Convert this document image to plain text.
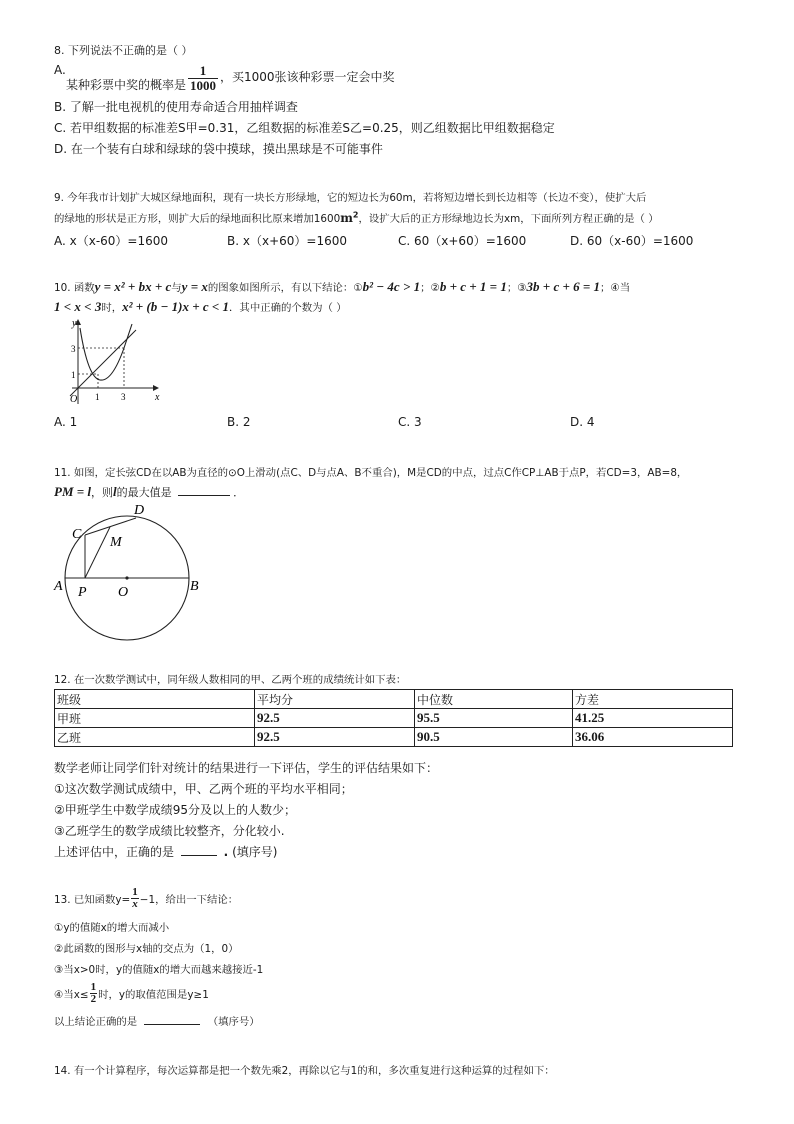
8. 下列说法不正确的是（ ）
A.
某种彩票中奖的概率是 $\frac{1}{1000}$ ，买1000张该种彩票一定会中奖
B. 了解一批电视机的使用寿命适合用抽样调查
C. 若甲组数据的标准差S甲=0.31，乙组数据的标准差S乙=0.25，则乙组数据比甲组数据稳定
D. 在一个装有白球和绿球的袋中摸球，摸出黑球是不可能事件
9. 今年我市计划扩大城区绿地面积，现有一块长方形绿地，它的短边长为60m，若将短边增长到长边相等（长边不变），使扩大后
的绿地的形状是正方形，则扩大后的绿地面积比原来增加$1600m^2$，设扩大后的正方形绿地边长为xm，下面所列方程正确的是（ ）
A. x（x-60）=1600	B. x（x+60）=1600	C. 60（x+60）=1600	D. 60（x-60）=1600
10. 函数y = x² + bx + c与y = x的图象如图所示，有以下结论：①b² − 4c > 1；②b + c + 1 = 1；③3b + c + 6 = 1；④当
1 < x < 3时，x² + (b − 1)x + c < 1．其中正确的个数为（ ）
y
x
O
3
1
1 3
A. 1	B. 2	C. 3	D. 4
11. 如图，定长弦CD在以AB为直径的⊙O上滑动(点C、D与点A、B不重合)，M是CD的中点，过点C作CP⊥AB于点P，若CD=3，AB=8，
PM = l，则l的最大值是	．
C
D
M
A	B
P O
12. 在一次数学测试中，同年级人数相同的甲、乙两个班的成绩统计如下表：
班级	平均分	中位数	方差
甲班	92.5	95.5	41.25
乙班	92.5	90.5	36.06
数学老师让同学们针对统计的结果进行一下评估，学生的评估结果如下：
①这次数学测试成绩中，甲、乙两个班的平均水平相同；
②甲班学生中数学成绩95分及以上的人数少；
③乙班学生的数学成绩比较整齐，分化较小.
上述评估中，正确的是	. (填序号)
13. 已知函数$y= \frac{1}{x} -1$，给出一下结论：
①y的值随x的增大而减小
②此函数的图形与x轴的交点为（1，0）
③当x>0时，y的值随x的增大而越来越接近-1
④当$x\le \frac{1}{2}$ 时，y的取值范围是y≥1
以上结论正确的是	（填序号）
14. 有一个计算程序，每次运算都是把一个数先乘2，再除以它与1的和，多次重复进行这种运算的过程如下：
